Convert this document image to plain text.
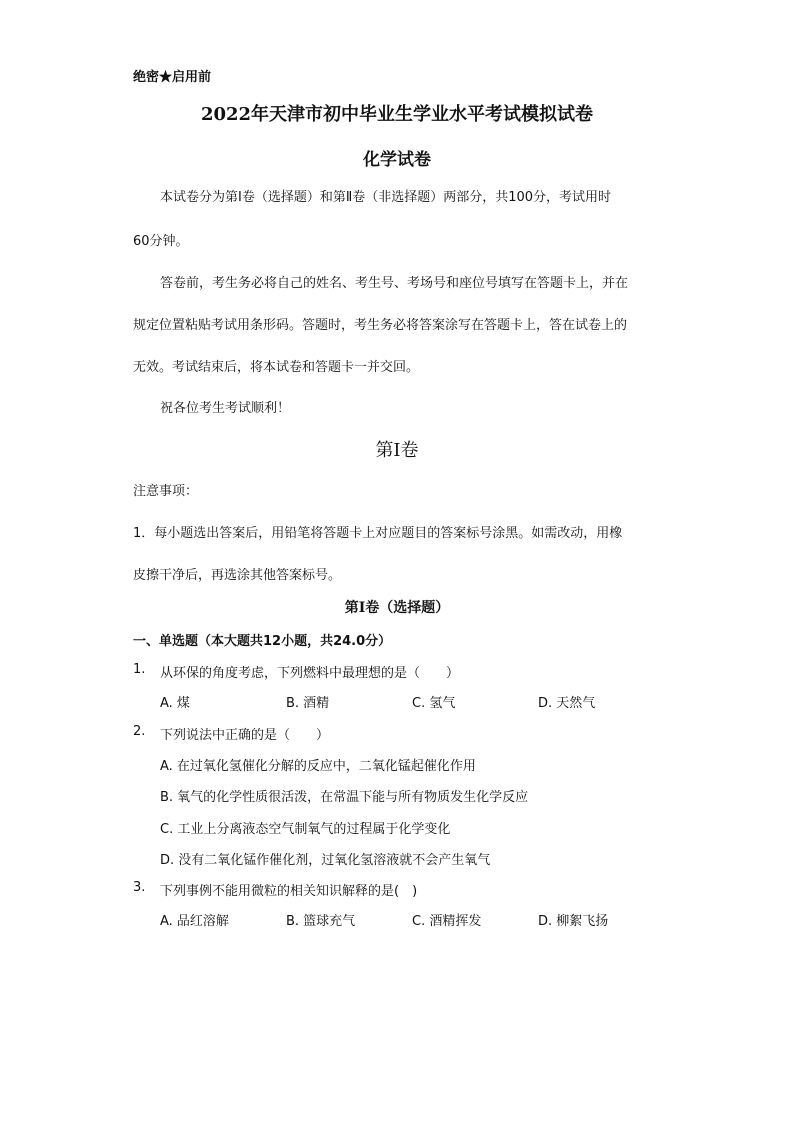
绝密★启用前
2022年天津市初中毕业生学业水平考试模拟试卷
化学试卷
本试卷分为第Ⅰ卷（选择题）和第Ⅱ卷（非选择题）两部分，共100分，考试用时
60分钟。
答卷前，考生务必将自己的姓名、考生号、考场号和座位号填写在答题卡上，并在
规定位置粘贴考试用条形码。答题时，考生务必将答案涂写在答题卡上，答在试卷上的
无效。考试结束后，将本试卷和答题卡一并交回。
祝各位考生考试顺利！
第Ⅰ卷
注意事项：
1．每小题选出答案后，用铅笔将答题卡上对应题目的答案标号涂黑。如需改动，用橡
皮擦干净后，再选涂其他答案标号。
第Ⅰ卷（选择题）
一、单选题（本大题共12小题，共24.0分）
1. 从环保的角度考虑，下列燃料中最理想的是（　　）
A. 煤	B. 酒精	C. 氢气	D. 天然气
2. 下列说法中正确的是（　　）
A. 在过氧化氢催化分解的反应中，二氧化锰起催化作用
B. 氧气的化学性质很活泼，在常温下能与所有物质发生化学反应
C. 工业上分离液态空气制氧气的过程属于化学变化
D. 没有二氧化锰作催化剂，过氧化氢溶液就不会产生氧气
3. 下列事例不能用微粒的相关知识解释的是(　)
A. 品红溶解	B. 篮球充气	C. 酒精挥发	D. 柳絮飞扬
